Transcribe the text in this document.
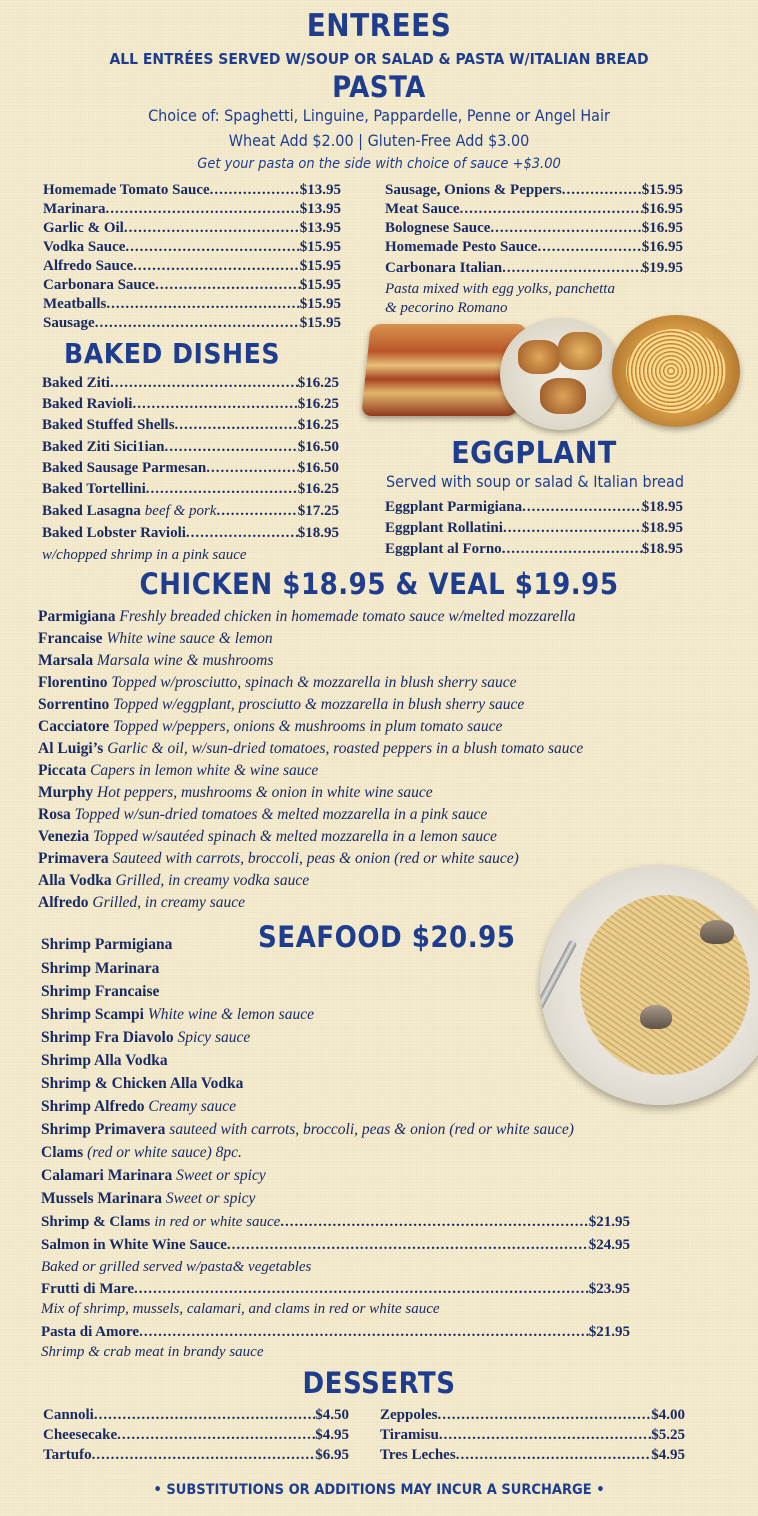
ENTREES
ALL ENTRÉES SERVED W/SOUP OR SALAD & PASTA W/ITALIAN BREAD
PASTA
Choice of: Spaghetti, Linguine, Pappardelle, Penne or Angel Hair
Wheat Add $2.00 | Gluten-Free Add $3.00
Get your pasta on the side with choice of sauce +$3.00
Homemade Tomato Sauce .....	$13.95
Marinara .....	$13.95
Garlic & Oil .....	$13.95
Vodka Sauce .....	$15.95
Alfredo Sauce .....	$15.95
Carbonara Sauce .....	$15.95
Meatballs .....	$15.95
Sausage .....	$15.95
Sausage, Onions & Peppers .....	$15.95
Meat Sauce .....	$16.95
Bolognese Sauce .....	$16.95
Homemade Pesto Sauce .....	$16.95
Carbonara Italian .....	$19.95
Pasta mixed with egg yolks, panchetta
& pecorino Romano
BAKED DISHES
Baked Ziti .....	$16.25
Baked Ravioli .....	$16.25
Baked Stuffed Shells .....	$16.25
Baked Ziti Sici1ian .....	$16.50
Baked Sausage Parmesan .....	$16.50
Baked Tortellini .....	$16.25
Baked Lasagna beef & pork .....	$17.25
Baked Lobster Ravioli .....	$18.95
w/chopped shrimp in a pink sauce
EGGPLANT
Served with soup or salad & Italian bread
Eggplant Parmigiana .....	$18.95
Eggplant Rollatini .....	$18.95
Eggplant al Forno .....	$18.95
CHICKEN $18.95 & VEAL $19.95
Parmigiana Freshly breaded chicken in homemade tomato sauce w/melted mozzarella
Francaise White wine sauce & lemon
Marsala Marsala wine & mushrooms
Florentino Topped w/prosciutto, spinach & mozzarella in blush sherry sauce
Sorrentino Topped w/eggplant, prosciutto & mozzarella in blush sherry sauce
Cacciatore Topped w/peppers, onions & mushrooms in plum tomato sauce
Al Luigi’s Garlic & oil, w/sun-dried tomatoes, roasted peppers in a blush tomato sauce
Piccata Capers in lemon white & wine sauce
Murphy Hot peppers, mushrooms & onion in white wine sauce
Rosa Topped w/sun-dried tomatoes & melted mozzarella in a pink sauce
Venezia Topped w/sautéed spinach & melted mozzarella in a lemon sauce
Primavera Sauteed with carrots, broccoli, peas & onion (red or white sauce)
Alla Vodka Grilled, in creamy vodka sauce
Alfredo Grilled, in creamy sauce
SEAFOOD $20.95
Shrimp Parmigiana
Shrimp Marinara
Shrimp Francaise
Shrimp Scampi White wine & lemon sauce
Shrimp Fra Diavolo Spicy sauce
Shrimp Alla Vodka
Shrimp & Chicken Alla Vodka
Shrimp Alfredo Creamy sauce
Shrimp Primavera sauteed with carrots, broccoli, peas & onion (red or white sauce)
Clams (red or white sauce) 8pc.
Calamari Marinara Sweet or spicy
Mussels Marinara Sweet or spicy
Shrimp & Clams in red or white sauce .....	$21.95
Salmon in White Wine Sauce .....	$24.95
Baked or grilled served w/pasta& vegetables
Frutti di Mare .....	$23.95
Mix of shrimp, mussels, calamari, and clams in red or white sauce
Pasta di Amore .....	$21.95
Shrimp & crab meat in brandy sauce
DESSERTS
Cannoli .....	$4.50
Cheesecake .....	$4.95
Tartufo .....	$6.95
Zeppoles .....	$4.00
Tiramisu .....	$5.25
Tres Leches .....	$4.95
• SUBSTITUTIONS OR ADDITIONS MAY INCUR A SURCHARGE •
